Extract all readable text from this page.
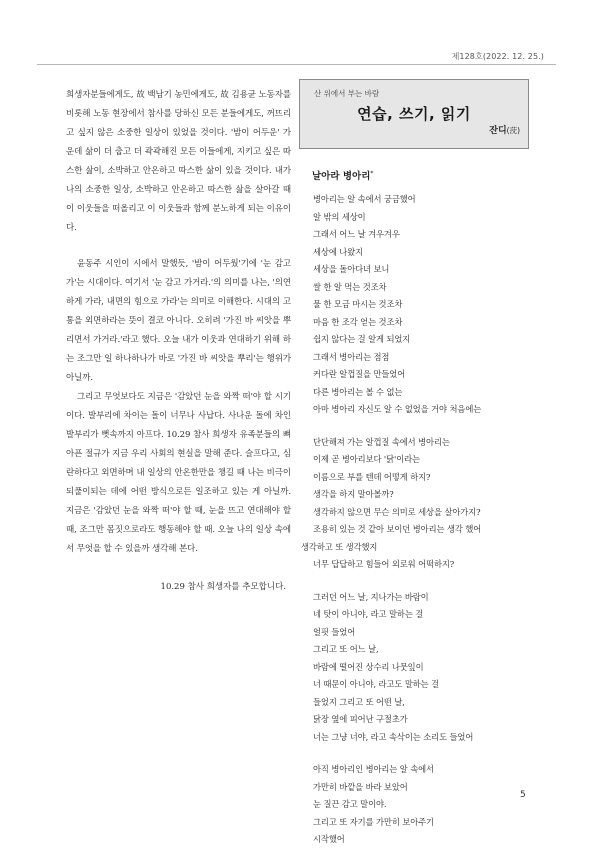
제128호(2022. 12. 25.)

희생자분들에게도, 故 백남기 농민에게도, 故 김용균 노동자를 비롯해 노동 현장에서 참사를 당하신 모든 분들에게도, 꺼뜨리고 싶지 않은 소중한 일상이 있었을 것이다. '밤이 어두운' 가운데 삶이 더 춥고 더 곽곽해진 모든 이들에게, 지키고 싶은 따스한 삶이, 소박하고 안온하고 따스한 삶이 있을 것이다. 내가 나의 소중한 일상, 소박하고 안온하고 따스한 삶을 살아갈 때 이 이웃들을 떠올리고 이 이웃들과 함께 분노하게 되는 이유이다.

윤동주 시인이 시에서 말했듯, '밤이 어두웠'기에 '눈 감고 가'는 시대이다. 여기서 '눈 감고 가거라.'의 의미를 나는, '의연하게 가라, 내면의 힘으로 가라'는 의미로 이해한다. 시대의 고통을 외면하라는 뜻이 결코 아니다. 오히려 '가진 바 씨앗을 뿌리면서 가거라.'라고 했다. 오늘 내가 이웃과 연대하기 위해 하는 조그만 일 하나하나가 바로 '가진 바 씨앗을 뿌리'는 행위가 아닐까.

그리고 무엇보다도 지금은 '감았던 눈을 와짝 떠'야 할 시기이다. 발부리에 차이는 돌이 너무나 사납다. 사나운 돌에 차인 발부리가 뻣속까지 아프다. 10.29 참사 희생자 유족분들의 뼈아픈 절규가 지금 우리 사회의 현실을 말해 준다. 슬프다고, 심란하다고 외면하며 내 일상의 안온한만을 챙길 때 나는 비극이 되풀이되는 데에 어떤 방식으로든 일조하고 있는 게 아닐까. 지금은 '감았던 눈을 와짝 떠'야 할 때, 눈을 뜨고 연대해야 할 때, 조그만 몸짓으로라도 행동해야 할 때. 오늘 나의 일상 속에서 무엇을 할 수 있을까 생각해 본다.

10.29 참사 희생자를 추모합니다.
산 위에서 부는 바람
연습, 쓰기, 읽기
잔디(莐)
날아라 병아리*
병아리는 알 속에서 궁금했어
알 밖의 세상이
그래서 어느 날 겨우겨우
세상에 나왔지
세상을 돌아다녀 보니
쌀 한 알 먹는 것조차
물 한 모금 마시는 것조차
마음 한 조각 얻는 것조차
쉽지 않다는 걸 알게 되었지
그래서 병아리는 점점
커다란 알껍질을 만들었어
다른 병아리는 볼 수 없는
아마 병아리 자신도 알 수 없었을 거야 처음에는
단단해져 가는 알껍질 속에서 병아리는
이제 곧 병아리보다 '닭'이라는
이름으로 부를 텐데 어떻게 하지?
생각을 하지 말아볼까?
생각하지 않으면 무슨 의미로 세상을 살아가지?
조용히 있는 것 같아 보이던 병아리는 생각 했어
생각하고 또 생각했지
너무 답답하고 힘들어 외로워 어떡하지?
그러던 어느 날, 지나가는 바람이
네 탓이 아니야, 라고 말하는 걸
얼핏 들었어
그리고 또 어느 날,
바람에 떨어진 상수리 나뭇잎이
너 때문이 아니야, 라고도 말하는 걸
들었지 그리고 또 어떤 날,
닭장 옆에 피어난 구절초가
너는 그냥 너야, 라고 속삭이는 소리도 들었어
아직 병아리인 병아리는 알 속에서
가만히 바깥을 바라 보았어
눈 질끈 감고 말이야.
그리고 또 자기를 가만히 보아주기
시작했어
5
